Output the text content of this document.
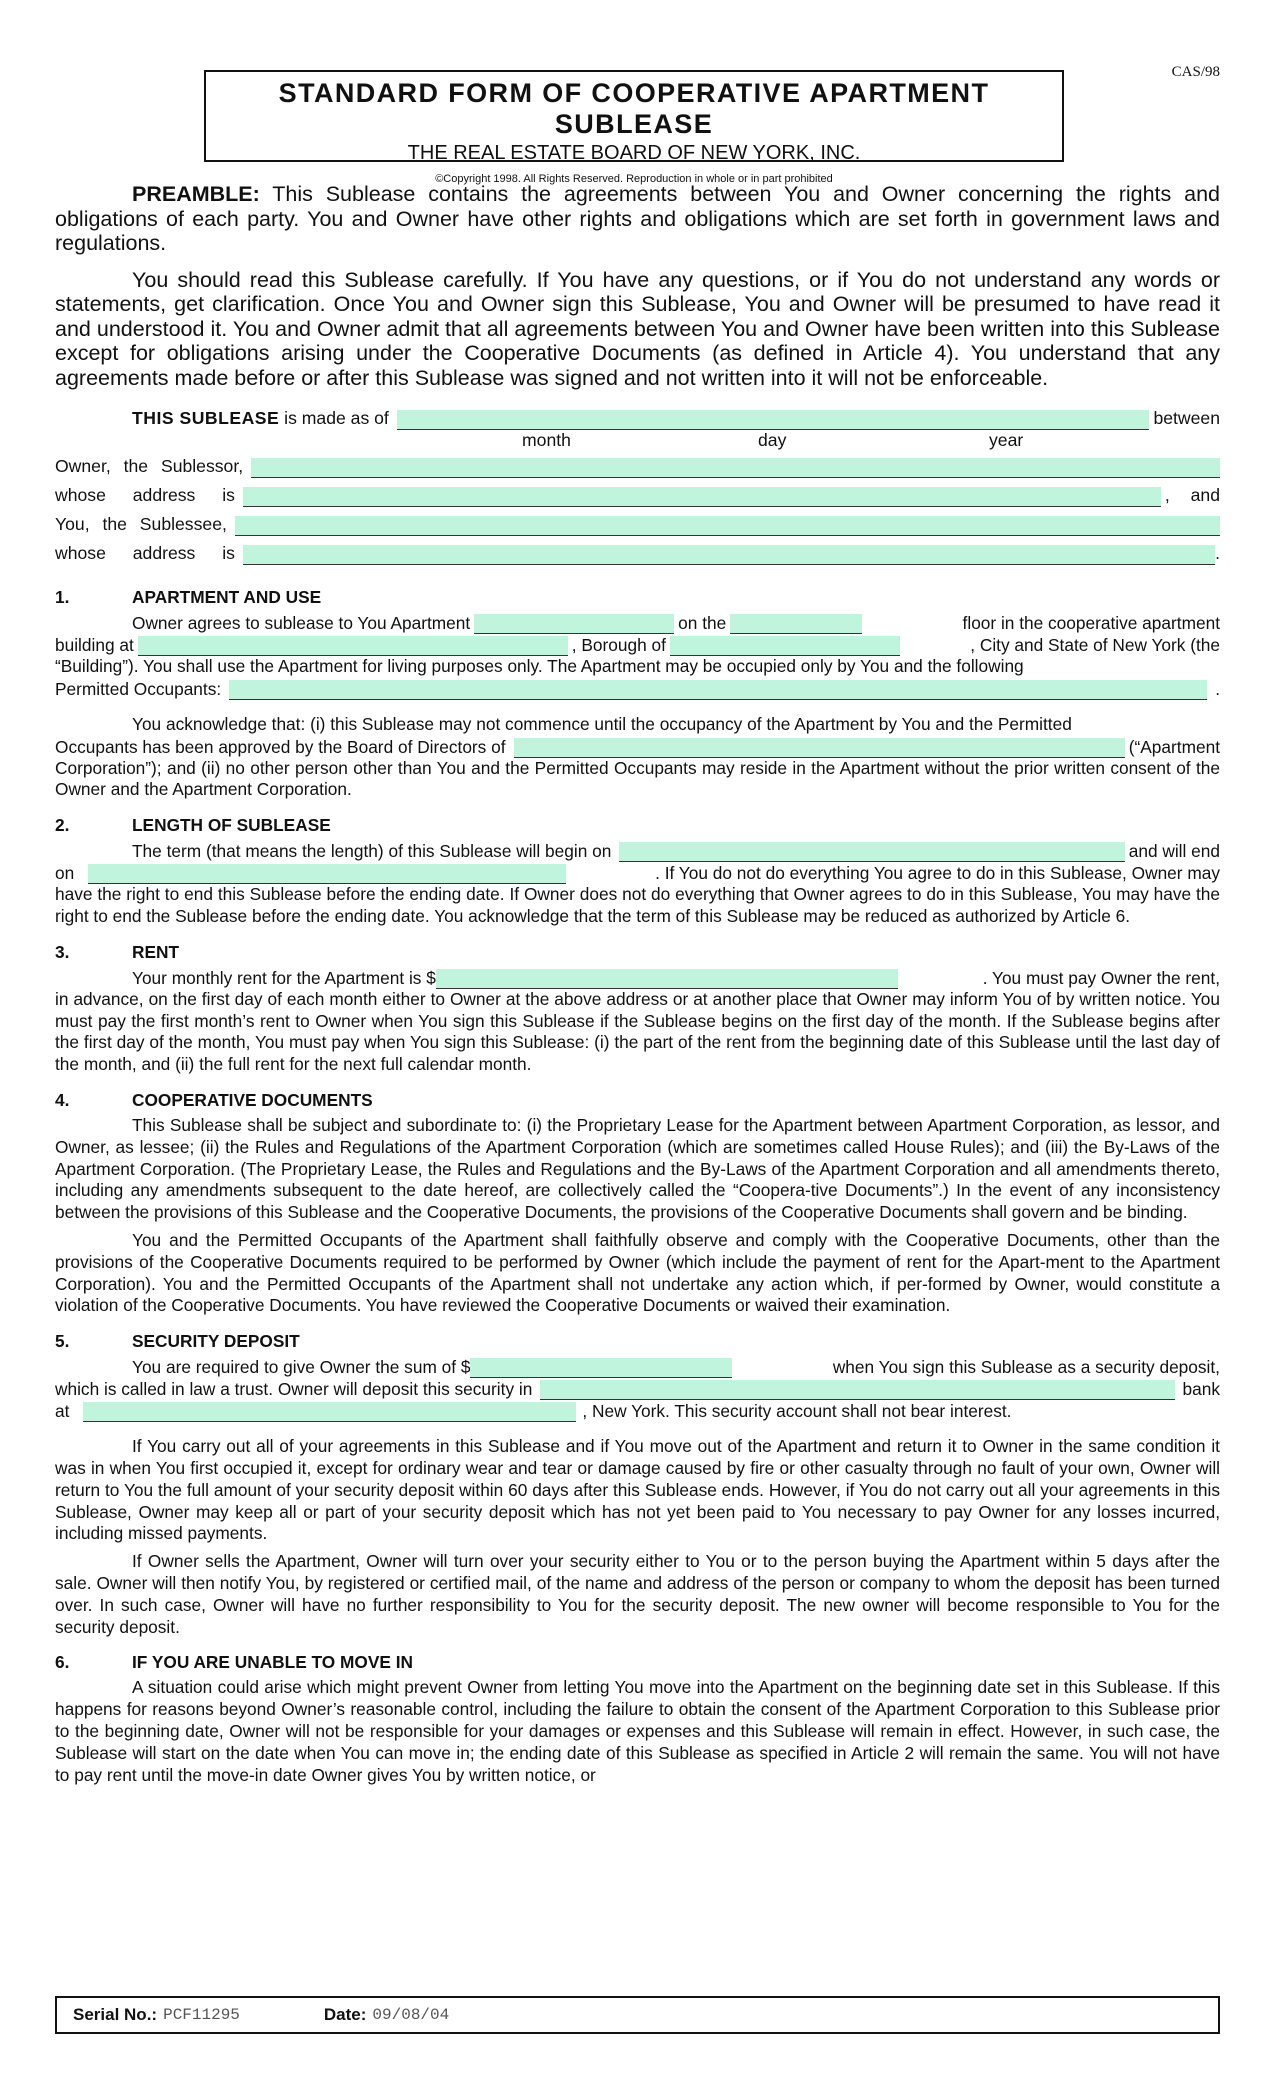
CAS/98
STANDARD FORM OF COOPERATIVE APARTMENT SUBLEASE
THE REAL ESTATE BOARD OF NEW YORK, INC.
©Copyright 1998. All Rights Reserved. Reproduction in whole or in part prohibited

PREAMBLE: This Sublease contains the agreements between You and Owner concerning the rights and obligations of each party. You and Owner have other rights and obligations which are set forth in government laws and regulations.

You should read this Sublease carefully. If You have any questions, or if You do not understand any words or statements, get clarification. Once You and Owner sign this Sublease, You and Owner will be presumed to have read it and understood it. You and Owner admit that all agreements between You and Owner have been written into this Sublease except for obligations arising under the Cooperative Documents (as defined in Article 4). You understand that any agreements made before or after this Sublease was signed and not written into it will not be enforceable.

THIS SUBLEASE
is made as of	between
month	day	year
Owner, the Sublessor,
whose address is	, and
You, the Sublessee,
whose address is	.
1.	APARTMENT AND USE
Owner agrees to sublease to You Apartment	on the	floor in the cooperative apartment
building at	, Borough of	, City and State of New York (the

“Building”). You shall use the Apartment for living purposes only. The Apartment may be occupied only by You and the following

Permitted Occupants:	.

You acknowledge that: (i) this Sublease may not commence until the occupancy of the Apartment by You and the Permitted

Occupants has been approved by the Board of Directors of	(“Apartment

Corporation”); and (ii) no other person other than You and the Permitted Occupants may reside in the Apartment without the prior written consent of the Owner and the Apartment Corporation.

2.	LENGTH OF SUBLEASE
The term (that means the length) of this Sublease will begin on	and will end
on	. If You do not do everything You agree to do in this Sublease, Owner may

have the right to end this Sublease before the ending date. If Owner does not do everything that Owner agrees to do in this Sublease, You may have the right to end the Sublease before the ending date. You acknowledge that the term of this Sublease may be reduced as authorized by Article 6.

3.	RENT
Your monthly rent for the Apartment is $	. You must pay Owner the rent,

in advance, on the first day of each month either to Owner at the above address or at another place that Owner may inform You of by written notice. You must pay the first month’s rent to Owner when You sign this Sublease if the Sublease begins on the first day of the month. If the Sublease begins after the first day of the month, You must pay when You sign this Sublease: (i) the part of the rent from the beginning date of this Sublease until the last day of the month, and (ii) the full rent for the next full calendar month.

4.	COOPERATIVE DOCUMENTS

This Sublease shall be subject and subordinate to: (i) the Proprietary Lease for the Apartment between Apartment Corporation, as lessor, and Owner, as lessee; (ii) the Rules and Regulations of the Apartment Corporation (which are sometimes called House Rules); and (iii) the By-Laws of the Apartment Corporation. (The Proprietary Lease, the Rules and Regulations and the By-Laws of the Apartment Corporation and all amendments thereto, including any amendments subsequent to the date hereof, are collectively called the “Coopera-tive Documents”.) In the event of any inconsistency between the provisions of this Sublease and the Cooperative Documents, the provisions of the Cooperative Documents shall govern and be binding.

You and the Permitted Occupants of the Apartment shall faithfully observe and comply with the Cooperative Documents, other than the provisions of the Cooperative Documents required to be performed by Owner (which include the payment of rent for the Apart-ment to the Apartment Corporation). You and the Permitted Occupants of the Apartment shall not undertake any action which, if per-formed by Owner, would constitute a violation of the Cooperative Documents. You have reviewed the Cooperative Documents or waived their examination.

5.	SECURITY DEPOSIT
You are required to give Owner the sum of $	when You sign this Sublease as a security deposit,
which is called in law a trust. Owner will deposit this security in	bank
at	, New York. This security account shall not bear interest.

If You carry out all of your agreements in this Sublease and if You move out of the Apartment and return it to Owner in the same condition it was in when You first occupied it, except for ordinary wear and tear or damage caused by fire or other casualty through no fault of your own, Owner will return to You the full amount of your security deposit within 60 days after this Sublease ends. However, if You do not carry out all your agreements in this Sublease, Owner may keep all or part of your security deposit which has not yet been paid to You necessary to pay Owner for any losses incurred, including missed payments.

If Owner sells the Apartment, Owner will turn over your security either to You or to the person buying the Apartment within 5 days after the sale. Owner will then notify You, by registered or certified mail, of the name and address of the person or company to whom the deposit has been turned over. In such case, Owner will have no further responsibility to You for the security deposit. The new owner will become responsible to You for the security deposit.

6.	IF YOU ARE UNABLE TO MOVE IN

A situation could arise which might prevent Owner from letting You move into the Apartment on the beginning date set in this Sublease. If this happens for reasons beyond Owner’s reasonable control, including the failure to obtain the consent of the Apartment Corporation to this Sublease prior to the beginning date, Owner will not be responsible for your damages or expenses and this Sublease will remain in effect. However, in such case, the Sublease will start on the date when You can move in; the ending date of this Sublease as specified in Article 2 will remain the same. You will not have to pay rent until the move-in date Owner gives You by written notice, or

Serial No.: PCF11295	Date: 09/08/04
